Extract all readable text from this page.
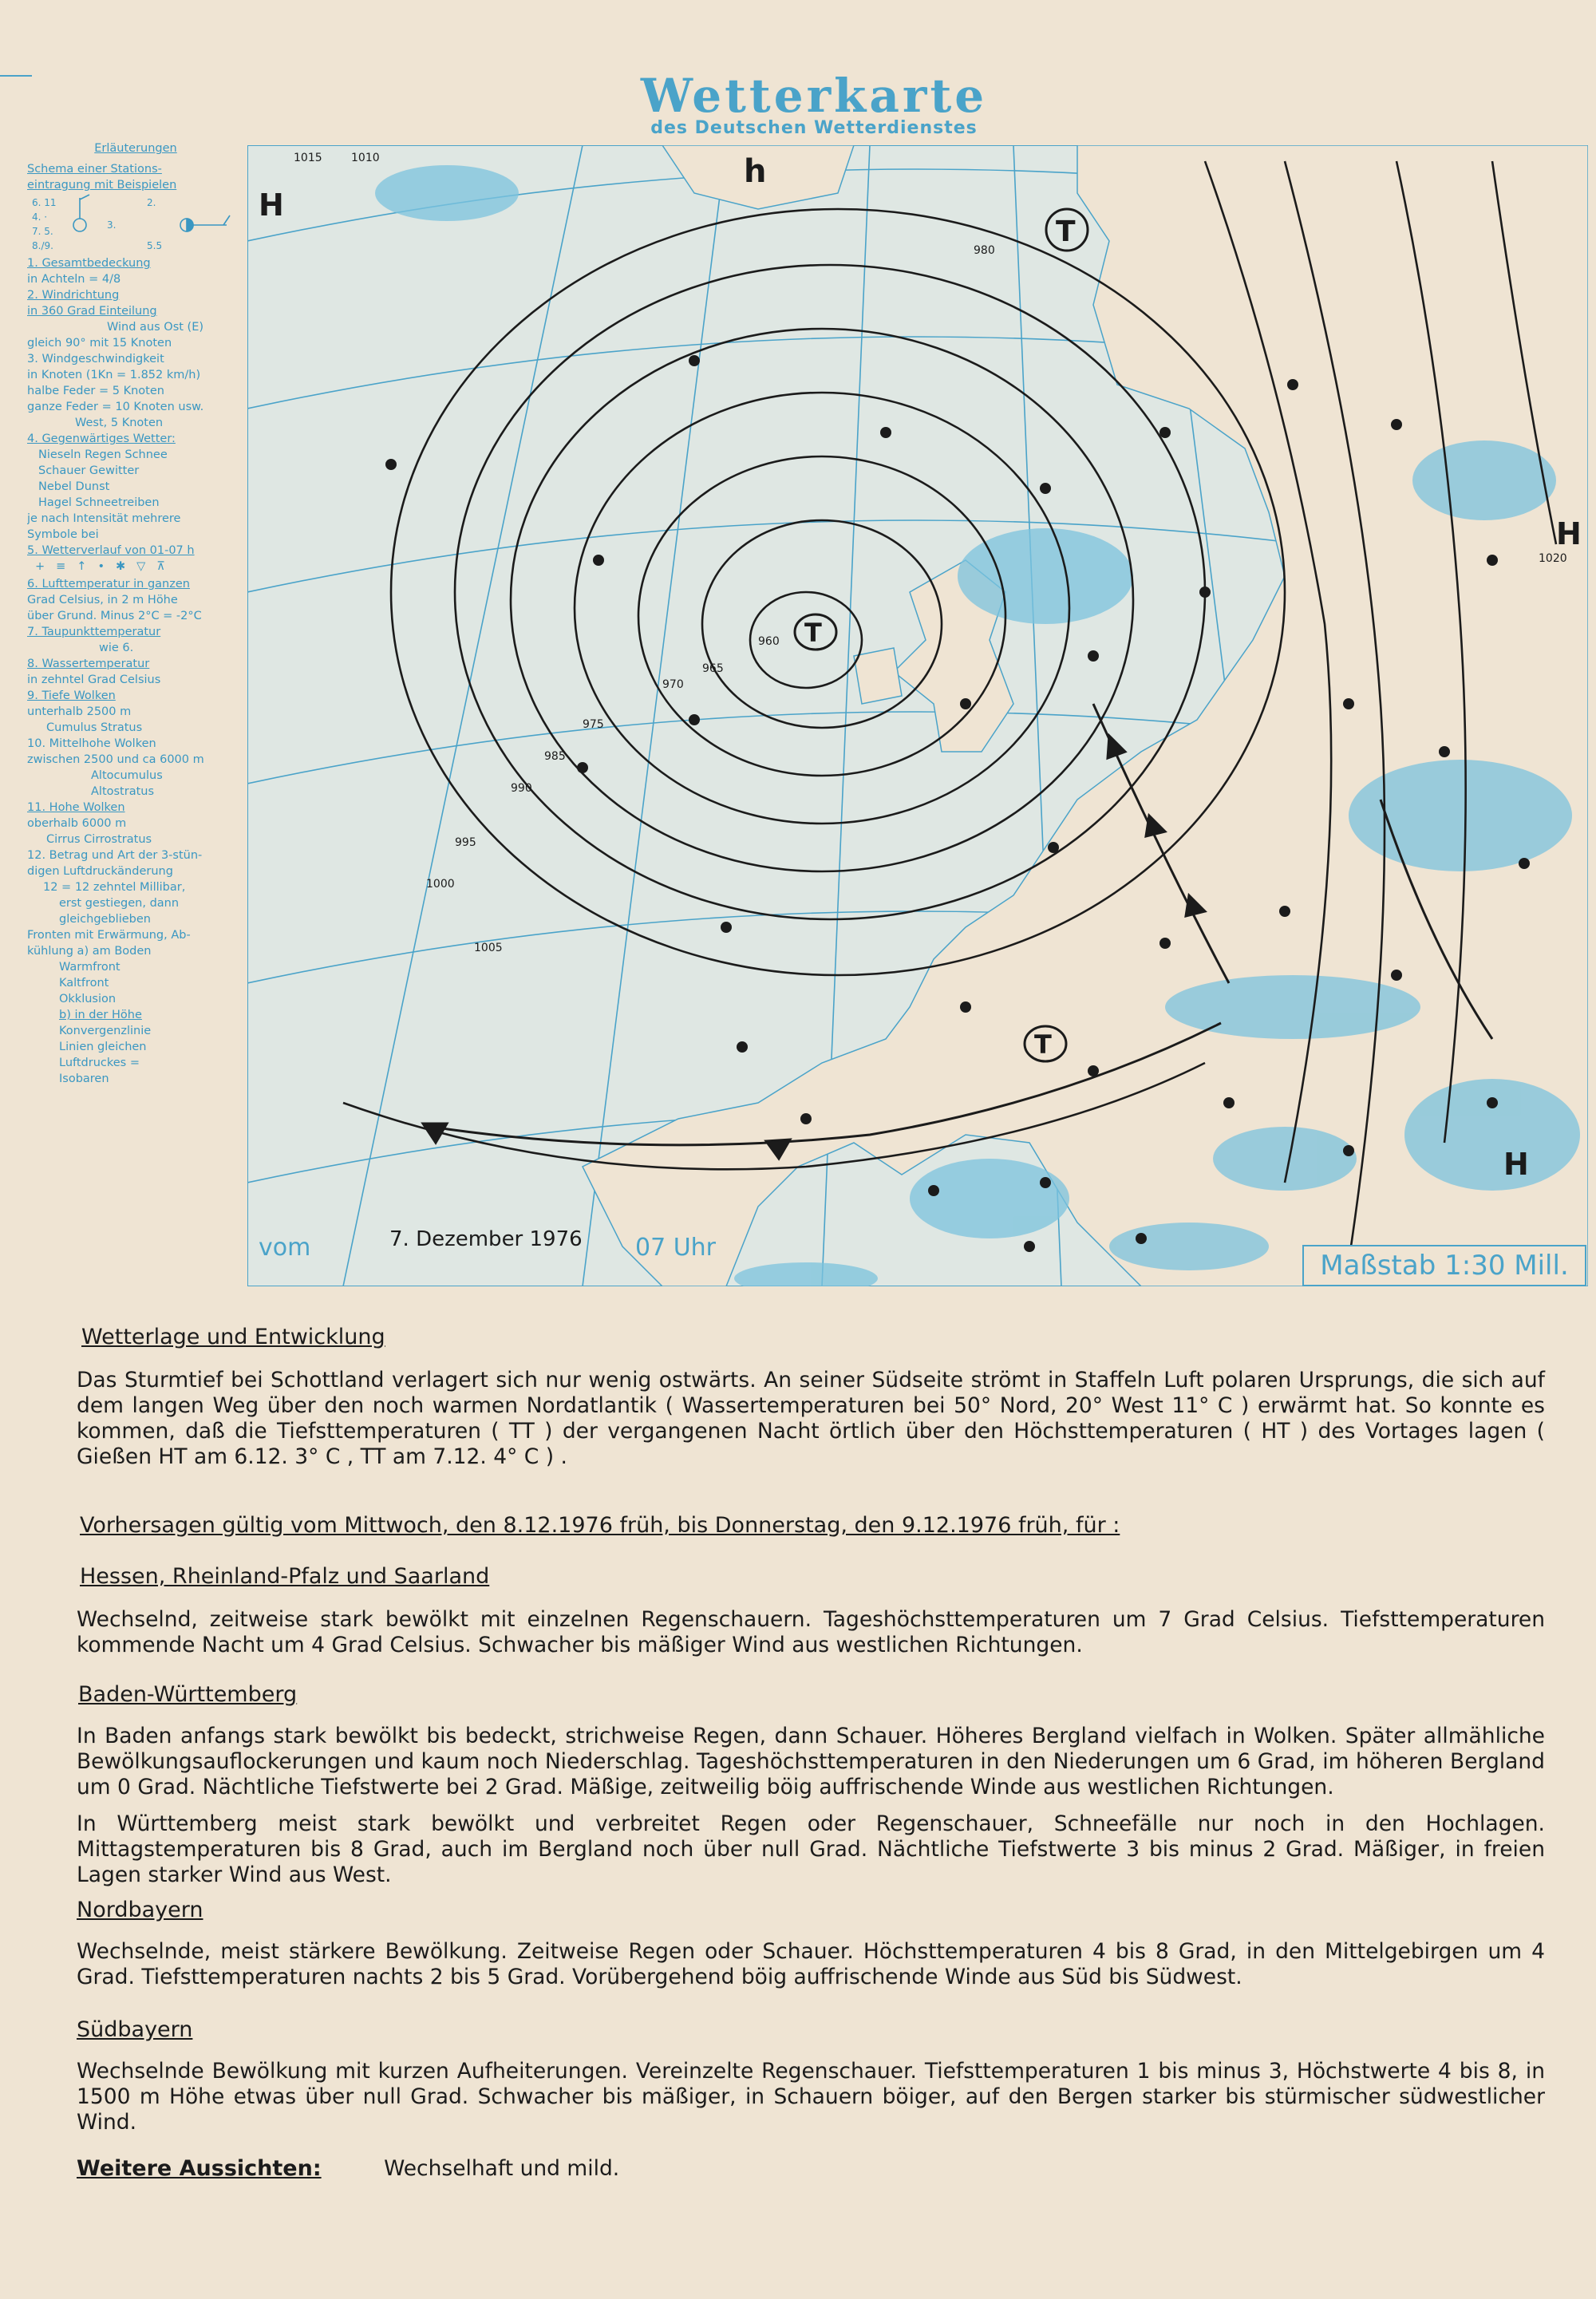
Wetterkarte
des Deutschen Wetterdienstes
Erläuterungen
Schema einer Stations-
eintragung mit Beispielen
6. 11
4. ·
7. 5.
8./9.
2.
5.5
3.
1. Gesamtbedeckung
in Achteln = 4/8
2. Windrichtung
in 360 Grad Einteilung
Wind aus Ost (E)
gleich 90° mit 15 Knoten
3. Windgeschwindigkeit
in Knoten (1Kn = 1.852 km/h)
halbe Feder = 5 Knoten
ganze Feder = 10 Knoten usw.
West, 5 Knoten
4. Gegenwärtiges Wetter:
Nieseln Regen Schnee
Schauer Gewitter
Nebel Dunst
Hagel Schneetreiben
je nach Intensität mehrere
Symbole bei
5. Wetterverlauf von 01-07 h
+≡↑•✱▽⊼
6. Lufttemperatur in ganzen
Grad Celsius, in 2 m Höhe
über Grund. Minus 2°C = -2°C
7. Taupunkttemperatur
wie 6.
8. Wassertemperatur
in zehntel Grad Celsius
9. Tiefe Wolken
unterhalb 2500 m
Cumulus Stratus
10. Mittelhohe Wolken
zwischen 2500 und ca 6000 m
Altocumulus
Altostratus
11. Hohe Wolken
oberhalb 6000 m
Cirrus Cirrostratus
12. Betrag und Art der 3-stün-
digen Luftdruckänderung
12 = 12 zehntel Millibar,
erst gestiegen, dann
gleichgeblieben
Fronten mit Erwärmung, Ab-
kühlung a) am Boden
Warmfront
Kaltfront
Okklusion
b) in der Höhe
Konvergenzlinie
Linien gleichen
Luftdruckes =
Isobaren
1015	1010
1005
1000
995
990
985
980
975
970
965
960
1020
H
h
T
T
T
H
H
vom	7. Dezember 1976 07 Uhr
Maßstab 1:30 Mill.
Wetterlage und Entwicklung
Das Sturmtief bei Schottland verlagert sich nur wenig ostwärts. An seiner Südseite strömt in Staffeln Luft polaren Ursprungs, die sich auf dem langen Weg über den noch warmen Nordatlantik ( Wassertemperaturen bei 50° Nord, 20° West 11° C ) erwärmt hat. So konnte es kommen, daß die Tiefsttemperaturen ( TT ) der vergangenen Nacht örtlich über den Höchsttemperaturen ( HT ) des Vortages lagen ( Gießen HT am 6.12. 3° C , TT am 7.12. 4° C ) .
Vorhersagen gültig vom Mittwoch, den 8.12.1976 früh, bis Donnerstag, den 9.12.1976 früh, für :
Hessen, Rheinland-Pfalz und Saarland
Wechselnd, zeitweise stark bewölkt mit einzelnen Regenschauern. Tageshöchsttemperaturen um 7 Grad Celsius. Tiefsttemperaturen kommende Nacht um 4 Grad Celsius. Schwacher bis mäßiger Wind aus westlichen Richtungen.
Baden-Württemberg
In Baden anfangs stark bewölkt bis bedeckt, strichweise Regen, dann Schauer. Höheres Bergland vielfach in Wolken. Später allmähliche Bewölkungsauflockerungen und kaum noch Niederschlag. Tageshöchsttemperaturen in den Niederungen um 6 Grad, im höheren Bergland um 0 Grad. Nächtliche Tiefstwerte bei 2 Grad. Mäßige, zeitweilig böig auffrischende Winde aus westlichen Richtungen.
In Württemberg meist stark bewölkt und verbreitet Regen oder Regenschauer, Schneefälle nur noch in den Hochlagen. Mittagstemperaturen bis 8 Grad, auch im Bergland noch über null Grad. Nächtliche Tiefstwerte 3 bis minus 2 Grad. Mäßiger, in freien Lagen starker Wind aus West.
Nordbayern
Wechselnde, meist stärkere Bewölkung. Zeitweise Regen oder Schauer. Höchsttemperaturen 4 bis 8 Grad, in den Mittelgebirgen um 4 Grad. Tiefsttemperaturen nachts 2 bis 5 Grad. Vorübergehend böig auffrischende Winde aus Süd bis Südwest.
Südbayern
Wechselnde Bewölkung mit kurzen Aufheiterungen. Vereinzelte Regenschauer. Tiefsttemperaturen 1 bis minus 3, Höchstwerte 4 bis 8, in 1500 m Höhe etwas über null Grad. Schwacher bis mäßiger, in Schauern böiger, auf den Bergen starker bis stürmischer südwestlicher Wind.
Weitere Aussichten:	Wechselhaft und mild.
